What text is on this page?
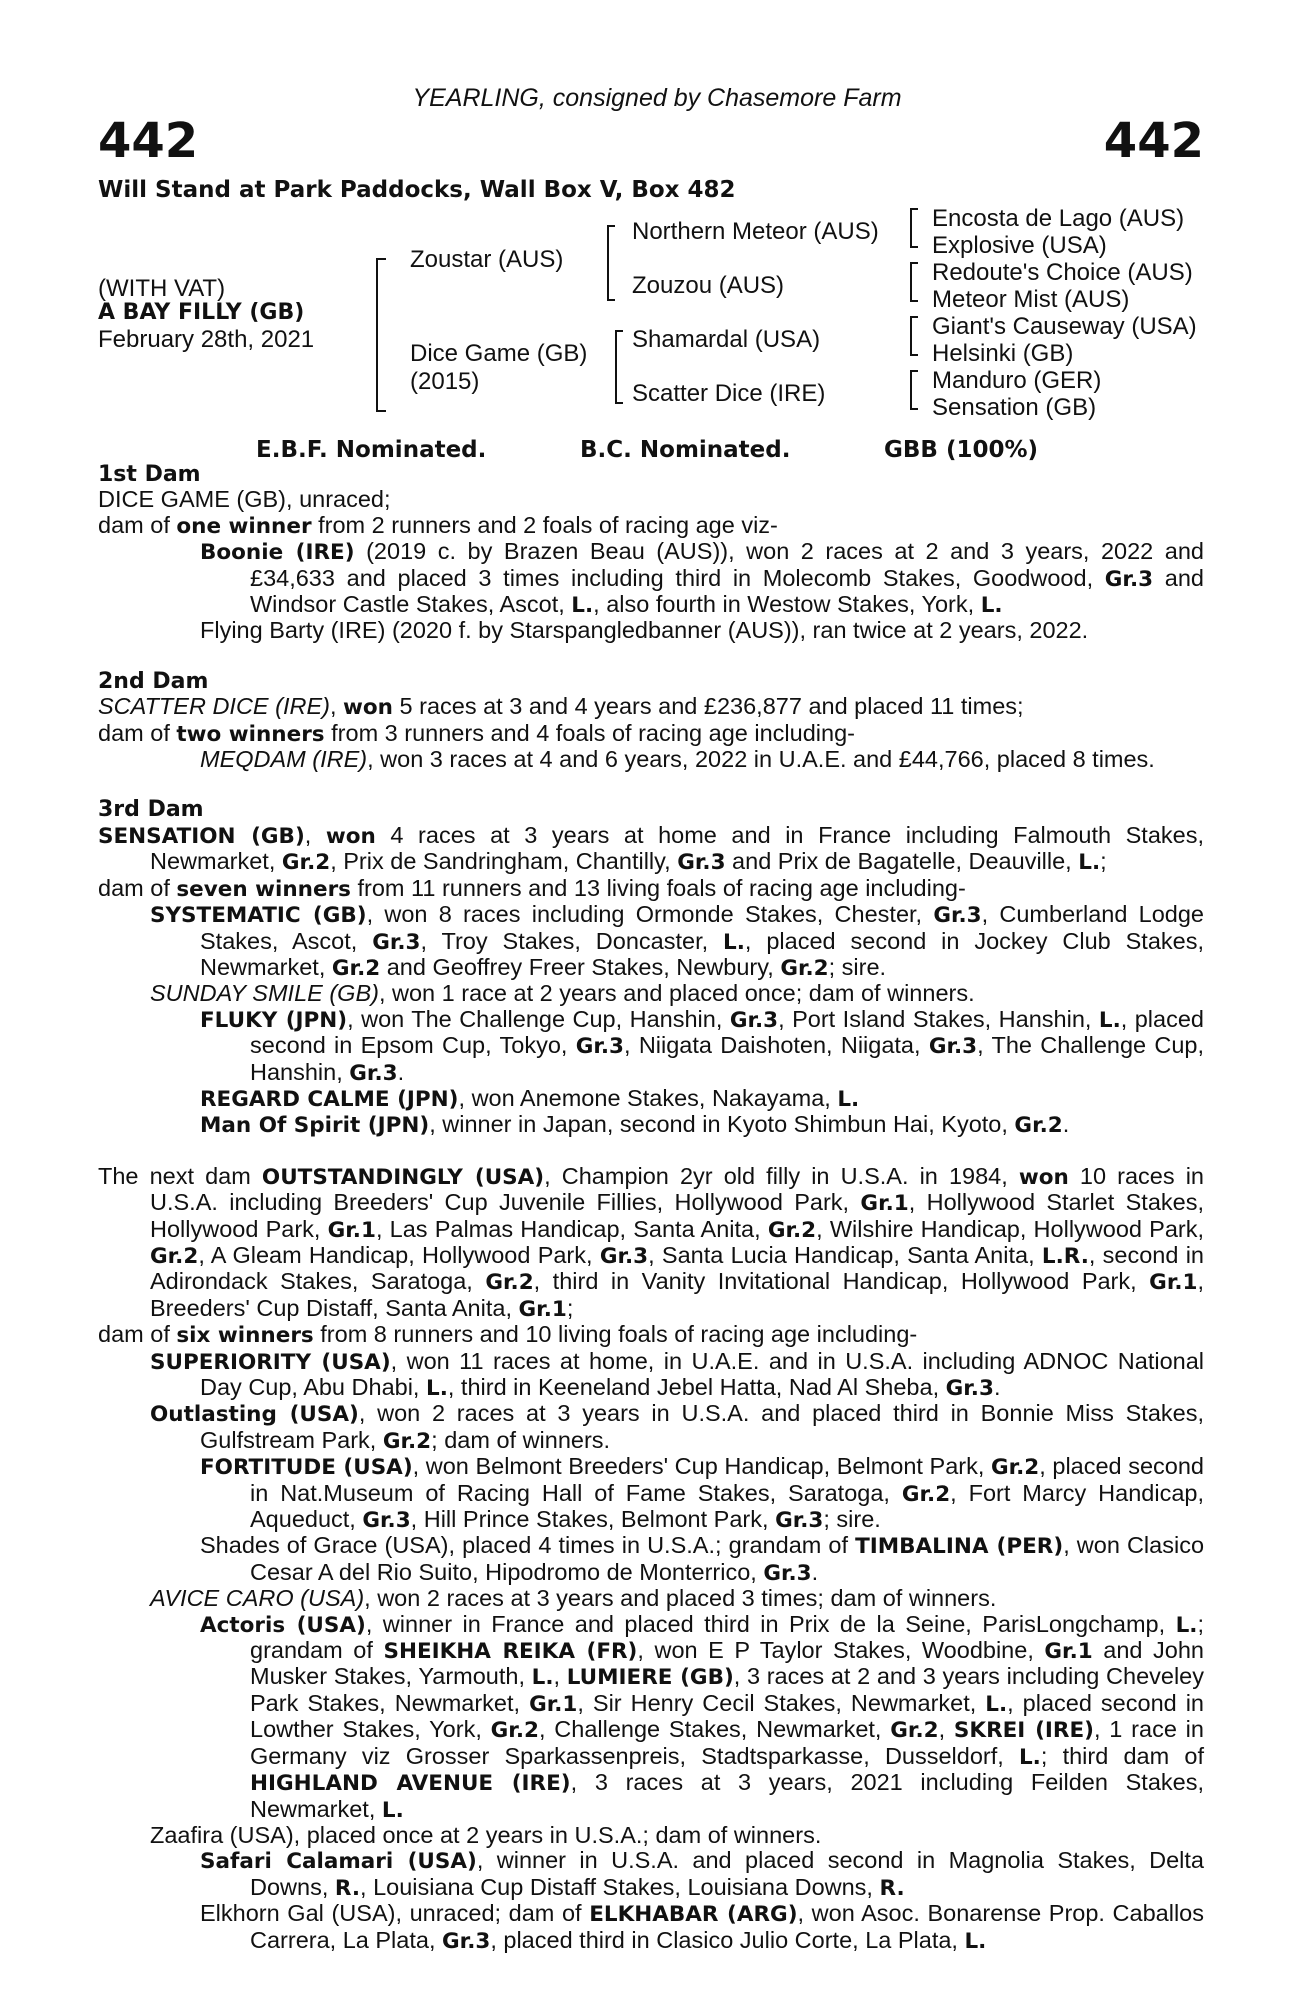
YEARLING, consigned by Chasemore Farm
442	442
Will Stand at Park Paddocks, Wall Box V, Box 482
(WITH VAT)
A BAY FILLY (GB)
February 28th, 2021
Zoustar (AUS)
Dice Game (GB)
(2015)
Northern Meteor (AUS)
Zouzou (AUS)
Shamardal (USA)
Scatter Dice (IRE)
Encosta de Lago (AUS)
Explosive (USA)
Redoute's Choice (AUS)
Meteor Mist (AUS)
Giant's Causeway (USA)
Helsinki (GB)
Manduro (GER)
Sensation (GB)
E.B.F. Nominated.	B.C. Nominated.	GBB (100%)

1st Dam

DICE GAME (GB), unraced;

dam of one winner from 2 runners and 2 foals of racing age viz-

Boonie (IRE) (2019 c. by Brazen Beau (AUS)), won 2 races at 2 and 3 years, 2022 and £34,633 and placed 3 times including third in Molecomb Stakes, Goodwood, Gr.3 and Windsor Castle Stakes, Ascot, L., also fourth in Westow Stakes, York, L.

Flying Barty (IRE) (2020 f. by Starspangledbanner (AUS)), ran twice at 2 years, 2022.

2nd Dam

SCATTER DICE (IRE), won 5 races at 3 and 4 years and £236,877 and placed 11 times;

dam of two winners from 3 runners and 4 foals of racing age including-

MEQDAM (IRE), won 3 races at 4 and 6 years, 2022 in U.A.E. and £44,766, placed 8 times.

3rd Dam

SENSATION (GB), won 4 races at 3 years at home and in France including Falmouth Stakes, Newmarket, Gr.2, Prix de Sandringham, Chantilly, Gr.3 and Prix de Bagatelle, Deauville, L.;

dam of seven winners from 11 runners and 13 living foals of racing age including-

SYSTEMATIC (GB), won 8 races including Ormonde Stakes, Chester, Gr.3, Cumberland Lodge Stakes, Ascot, Gr.3, Troy Stakes, Doncaster, L., placed second in Jockey Club Stakes, Newmarket, Gr.2 and Geoffrey Freer Stakes, Newbury, Gr.2; sire.

SUNDAY SMILE (GB), won 1 race at 2 years and placed once; dam of winners.

FLUKY (JPN), won The Challenge Cup, Hanshin, Gr.3, Port Island Stakes, Hanshin, L., placed second in Epsom Cup, Tokyo, Gr.3, Niigata Daishoten, Niigata, Gr.3, The Challenge Cup, Hanshin, Gr.3.

REGARD CALME (JPN), won Anemone Stakes, Nakayama, L.

Man Of Spirit (JPN), winner in Japan, second in Kyoto Shimbun Hai, Kyoto, Gr.2.

The next dam OUTSTANDINGLY (USA), Champion 2yr old filly in U.S.A. in 1984, won 10 races in U.S.A. including Breeders' Cup Juvenile Fillies, Hollywood Park, Gr.1, Hollywood Starlet Stakes, Hollywood Park, Gr.1, Las Palmas Handicap, Santa Anita, Gr.2, Wilshire Handicap, Hollywood Park, Gr.2, A Gleam Handicap, Hollywood Park, Gr.3, Santa Lucia Handicap, Santa Anita, L.R., second in Adirondack Stakes, Saratoga, Gr.2, third in Vanity Invitational Handicap, Hollywood Park, Gr.1, Breeders' Cup Distaff, Santa Anita, Gr.1;

dam of six winners from 8 runners and 10 living foals of racing age including-

SUPERIORITY (USA), won 11 races at home, in U.A.E. and in U.S.A. including ADNOC National Day Cup, Abu Dhabi, L., third in Keeneland Jebel Hatta, Nad Al Sheba, Gr.3.

Outlasting (USA), won 2 races at 3 years in U.S.A. and placed third in Bonnie Miss Stakes, Gulfstream Park, Gr.2; dam of winners.

FORTITUDE (USA), won Belmont Breeders' Cup Handicap, Belmont Park, Gr.2, placed second in Nat.Museum of Racing Hall of Fame Stakes, Saratoga, Gr.2, Fort Marcy Handicap, Aqueduct, Gr.3, Hill Prince Stakes, Belmont Park, Gr.3; sire.

Shades of Grace (USA), placed 4 times in U.S.A.; grandam of TIMBALINA (PER), won Clasico Cesar A del Rio Suito, Hipodromo de Monterrico, Gr.3.

AVICE CARO (USA), won 2 races at 3 years and placed 3 times; dam of winners.

Actoris (USA), winner in France and placed third in Prix de la Seine, ParisLongchamp, L.; grandam of SHEIKHA REIKA (FR), won E P Taylor Stakes, Woodbine, Gr.1 and John Musker Stakes, Yarmouth, L., LUMIERE (GB), 3 races at 2 and 3 years including Cheveley Park Stakes, Newmarket, Gr.1, Sir Henry Cecil Stakes, Newmarket, L., placed second in Lowther Stakes, York, Gr.2, Challenge Stakes, Newmarket, Gr.2, SKREI (IRE), 1 race in Germany viz Grosser Sparkassenpreis, Stadtsparkasse, Dusseldorf, L.; third dam of HIGHLAND AVENUE (IRE), 3 races at 3 years, 2021 including Feilden Stakes, Newmarket, L.

Zaafira (USA), placed once at 2 years in U.S.A.; dam of winners.

Safari Calamari (USA), winner in U.S.A. and placed second in Magnolia Stakes, Delta Downs, R., Louisiana Cup Distaff Stakes, Louisiana Downs, R.

Elkhorn Gal (USA), unraced; dam of ELKHABAR (ARG), won Asoc. Bonarense Prop. Caballos Carrera, La Plata, Gr.3, placed third in Clasico Julio Corte, La Plata, L.
